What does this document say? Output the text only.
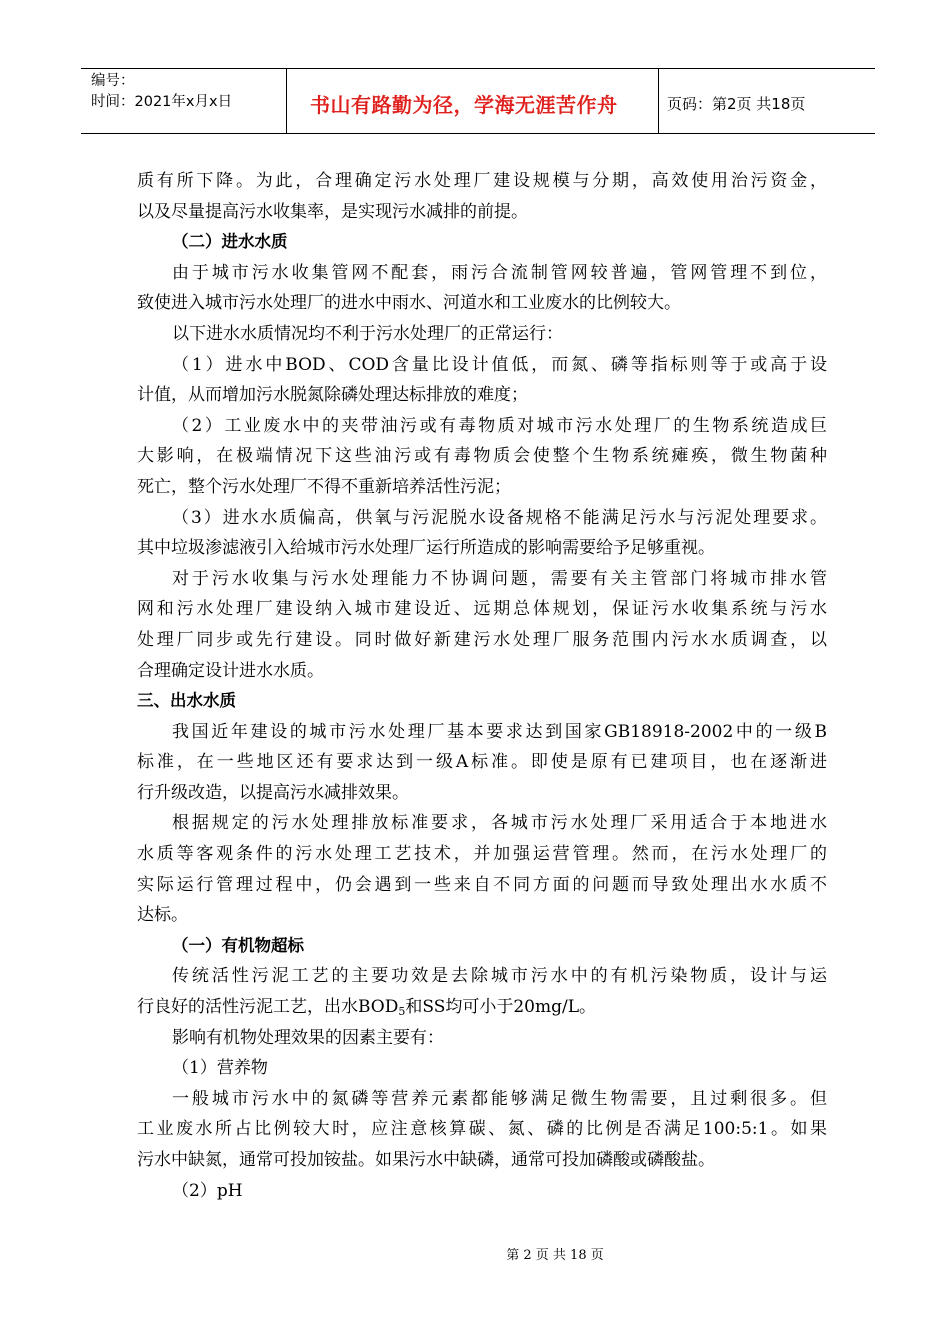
编号：
时间：2021年x月x日	书山有路勤为径，学海无涯苦作舟	页码：第2页 共18页
质有所下降。为此，合理确定污水处理厂建设规模与分期，高效使用治污资金，
以及尽量提高污水收集率，是实现污水减排的前提。
（二）进水水质
由于城市污水收集管网不配套，雨污合流制管网较普遍，管网管理不到位，
致使进入城市污水处理厂的进水中雨水、河道水和工业废水的比例较大。
以下进水水质情况均不利于污水处理厂的正常运行：
（1）进水中BOD、COD含量比设计值低，而氮、磷等指标则等于或高于设
计值，从而增加污水脱氮除磷处理达标排放的难度；
（2）工业废水中的夹带油污或有毒物质对城市污水处理厂的生物系统造成巨
大影响，在极端情况下这些油污或有毒物质会使整个生物系统瘫痪，微生物菌种
死亡，整个污水处理厂不得不重新培养活性污泥；
（3）进水水质偏高，供氧与污泥脱水设备规格不能满足污水与污泥处理要求。
其中垃圾渗滤液引入给城市污水处理厂运行所造成的影响需要给予足够重视。
对于污水收集与污水处理能力不协调问题，需要有关主管部门将城市排水管
网和污水处理厂建设纳入城市建设近、远期总体规划，保证污水收集系统与污水
处理厂同步或先行建设。同时做好新建污水处理厂服务范围内污水水质调查，以
合理确定设计进水水质。
三、出水水质
我国近年建设的城市污水处理厂基本要求达到国家GB18918-2002中的一级B
标准，在一些地区还有要求达到一级A标准。即使是原有已建项目，也在逐渐进
行升级改造，以提高污水减排效果。
根据规定的污水处理排放标准要求，各城市污水处理厂采用适合于本地进水
水质等客观条件的污水处理工艺技术，并加强运营管理。然而，在污水处理厂的
实际运行管理过程中，仍会遇到一些来自不同方面的问题而导致处理出水水质不
达标。
（一）有机物超标
传统活性污泥工艺的主要功效是去除城市污水中的有机污染物质，设计与运
行良好的活性污泥工艺，出水$BOD_5$和SS均可小于20mg/L。
影响有机物处理效果的因素主要有：
（1）营养物
一般城市污水中的氮磷等营养元素都能够满足微生物需要，且过剩很多。但
工业废水所占比例较大时，应注意核算碳、氮、磷的比例是否满足100:5:1。如果
污水中缺氮，通常可投加铵盐。如果污水中缺磷，通常可投加磷酸或磷酸盐。
（2）pH
第 2 页 共 18 页
